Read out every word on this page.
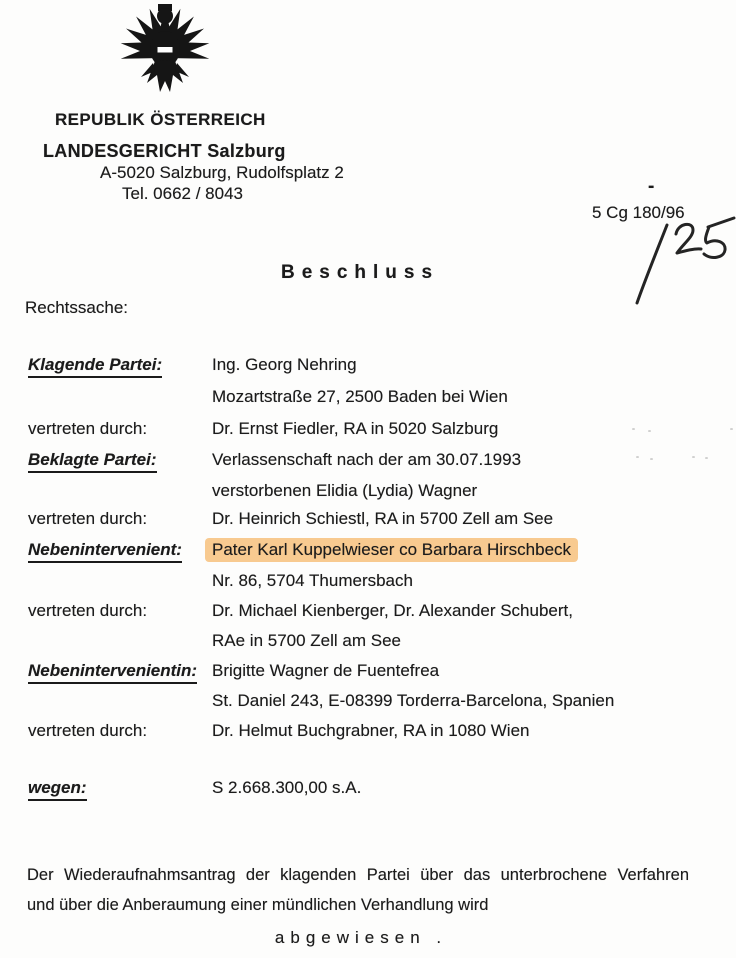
REPUBLIK ÖSTERREICH
LANDESGERICHT Salzburg
A-5020 Salzburg, Rudolfsplatz 2
Tel. 0662 / 8043	-
5 Cg 180/96
Beschluss
Rechtssache:
Klagende Partei:	Ing. Georg Nehring
Mozartstraße 27, 2500 Baden bei Wien
vertreten durch:	Dr. Ernst Fiedler, RA in 5020 Salzburg
Beklagte Partei:	Verlassenschaft nach der am 30.07.1993
verstorbenen Elidia (Lydia) Wagner
vertreten durch:	Dr. Heinrich Schiestl, RA in 5700 Zell am See
Nebenintervenient: Pater Karl Kuppelwieser co Barbara Hirschbeck
Nr. 86, 5704 Thumersbach
vertreten durch:	Dr. Michael Kienberger, Dr. Alexander Schubert,
RAe in 5700 Zell am See
Nebenintervenientin: Brigitte Wagner de Fuentefrea
St. Daniel 243, E-08399 Torderra-Barcelona, Spanien
vertreten durch:	Dr. Helmut Buchgrabner, RA in 1080 Wien
wegen:	S 2.668.300,00 s.A.
Der Wiederaufnahmsantrag der klagenden Partei über das unterbrochene Verfahren
und über die Anberaumung einer mündlichen Verhandlung wird
abgewiesen .
